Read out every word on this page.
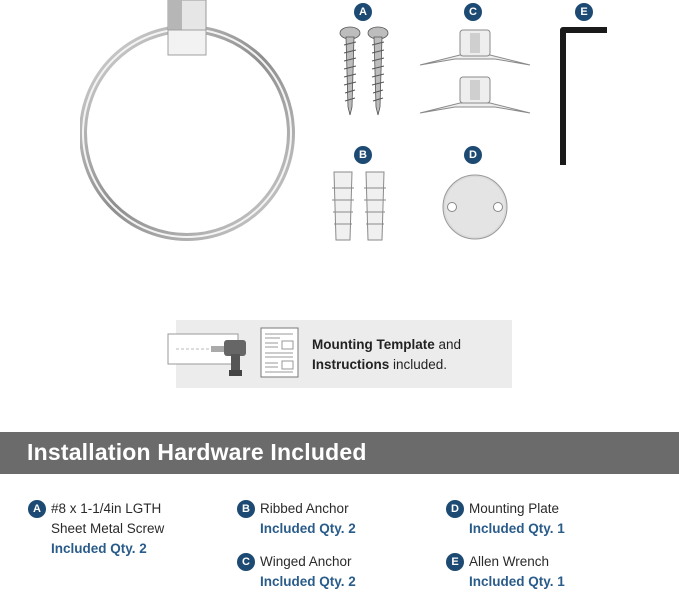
A	C	E
B	D
Mounting Template and
Instructions included.
Installation Hardware Included
A #8 x 1-1/4in LGTH
Sheet Metal Screw
Included Qty. 2
B Ribbed Anchor
Included Qty. 2
C Winged Anchor
Included Qty. 2
D Mounting Plate
Included Qty. 1
E Allen Wrench
Included Qty. 1
